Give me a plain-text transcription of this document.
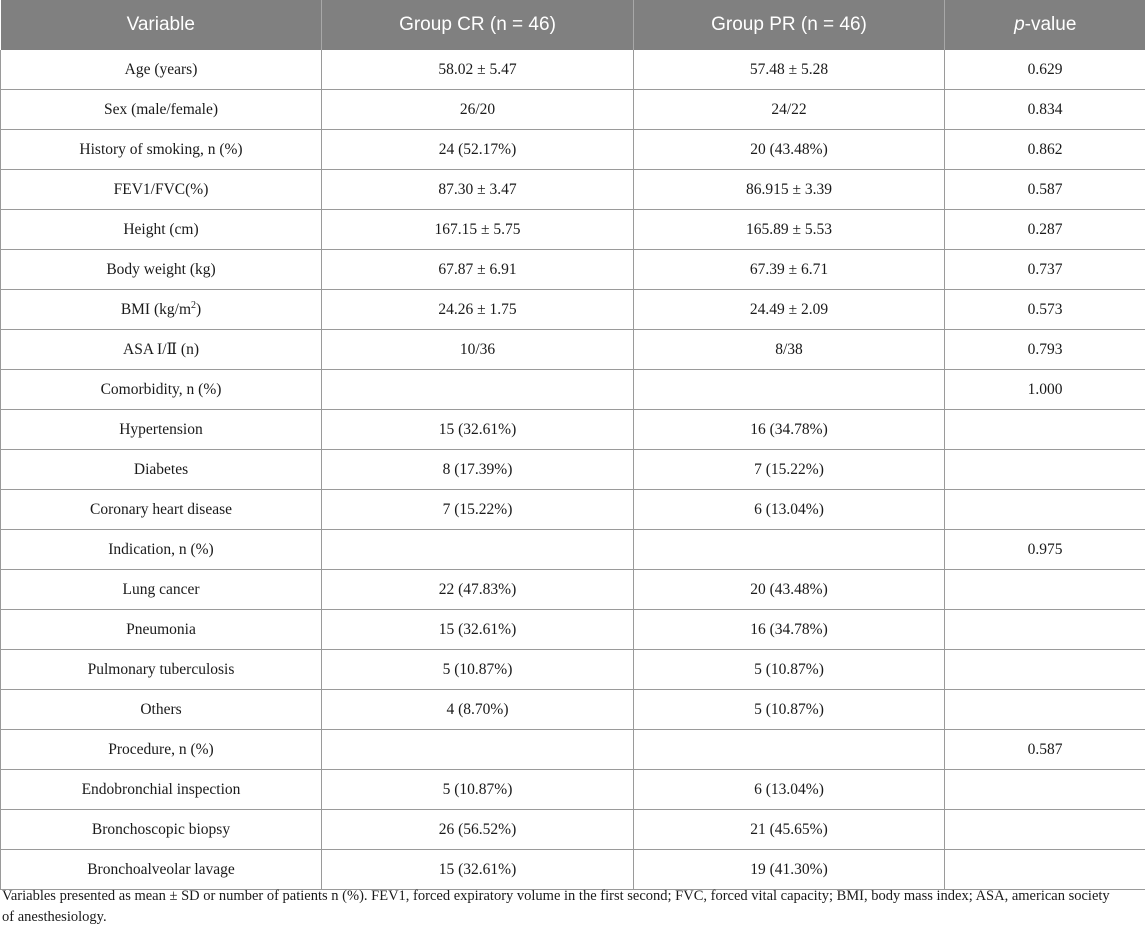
Variable	Group CR (n = 46)	Group PR (n = 46)	p-value
Age (years)	58.02 ± 5.47	57.48 ± 5.28	0.629
Sex (male/female)	26/20	24/22	0.834
History of smoking, n (%)	24 (52.17%)	20 (43.48%)	0.862
FEV1/FVC(%)	87.30 ± 3.47	86.915 ± 3.39	0.587
Height (cm)	167.15 ± 5.75	165.89 ± 5.53	0.287
Body weight (kg)	67.87 ± 6.91	67.39 ± 6.71	0.737
BMI $(kg/m^2)$	24.26 ± 1.75	24.49 ± 2.09	0.573
ASA I/Ⅱ (n)	10/36	8/38	0.793
Comorbidity, n (%)			1.000
Hypertension	15 (32.61%)	16 (34.78%)	
Diabetes	8 (17.39%)	7 (15.22%)	
Coronary heart disease	7 (15.22%)	6 (13.04%)	
Indication, n (%)			0.975
Lung cancer	22 (47.83%)	20 (43.48%)	
Pneumonia	15 (32.61%)	16 (34.78%)	
Pulmonary tuberculosis	5 (10.87%)	5 (10.87%)	
Others	4 (8.70%)	5 (10.87%)	
Procedure, n (%)			0.587
Endobronchial inspection	5 (10.87%)	6 (13.04%)	
Bronchoscopic biopsy	26 (56.52%)	21 (45.65%)	
Bronchoalveolar lavage	15 (32.61%)	19 (41.30%)	
Variables presented as mean ± SD or number of patients n (%). FEV1, forced expiratory volume in the first second; FVC, forced vital capacity; BMI, body mass index; ASA, american society of anesthesiology.
